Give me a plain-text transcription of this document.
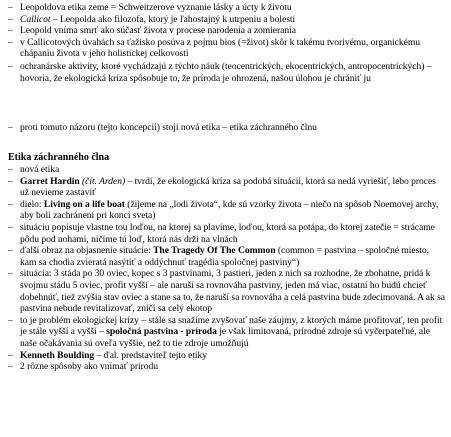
– Leopoldova etika zeme = Schweitzerove vyznanie lásky a úcty k životu
– Callicot – Leopolda ako filozofa, ktorý je ľahostajný k utrpeniu a bolesti
– Leopold vníma smrť ako súčasť života v procese narodenia a zomierania
– v Callicotových úvahách sa ťažisko posúva z pojmu bios (=život) skôr k takému tvorivému, organickému chápaniu života v jeho holistickej celkovosti
– ochranárske aktivity, ktoré vychádzajú z týchto náuk (teocentrických, ekocentrických, antropocentrických) – hovoria, že ekologická kríza spôsobuje to, že príroda je ohrozená, našou úlohou je chrániť ju
– proti tomuto názoru (tejto koncepcii) stojí nová etika – etika záchranného člnu
Etika záchranného člna
– nová etika
– Garret Hardin (čít. Arden) – tvrdí, že ekologická kríza sa podobá situácii, ktorá sa nedá vyriešiť, lebo proces už nevieme zastaviť
– dielo: Living on a life boat (žijeme na „lodi života“, kde sú vzorky života – niečo na spôsob Noemovej archy, aby boli zachránení pri konci sveta)
– situáciu popisuje vlastne tou loďou, na ktorej sa plavíme, loďou, ktorá sa potápa, do ktorej zatečie = strácame pôdu pod nohami, ničíme tú loď, ktorá nás drží na vlnách
– ďalší obraz na objasnenie situácie: The Tragedy Of The Common (common = pastvina – spoločné miesto, kam sa chodia zvieratá nasýtiť a oddýchnuť tragédia spoločnej pastviny“)
– situácia: 3 stáda po 30 oviec, kopec s 3 pastvinami, 3 pastieri, jeden z nich sa rozhodne, že zbohatne, pridá k svojmu stádu 5 oviec, profit vyšší – ale naruší sa rovnováha pastviny, jeden má viac, ostatní ho budú chcieť dobehnúť, tiež zvýšia stav oviec a stane sa to, že naruší sa rovnováha a celá pastvina bude zdecimovaná. A ak sa pastvina nebude revitalizovať, zničí sa celý ekotop
– to je problém ekologickej krízy – stále sa snažíme zvyšovať naše záujmy, z ktorých máme profitovať, ten profit je stále vyšší a vyšší – spoločná pastvina - príroda je však limitovaná, prírodné zdroje sú vyčerpateľné, ale naše očakávania sú oveľa vyššie, než to tie zdroje umožňujú
– Kenneth Boulding – ďal. predstaviteľ tejto etiky
– 2 rôzne spôsoby ako vnímať prírodu
